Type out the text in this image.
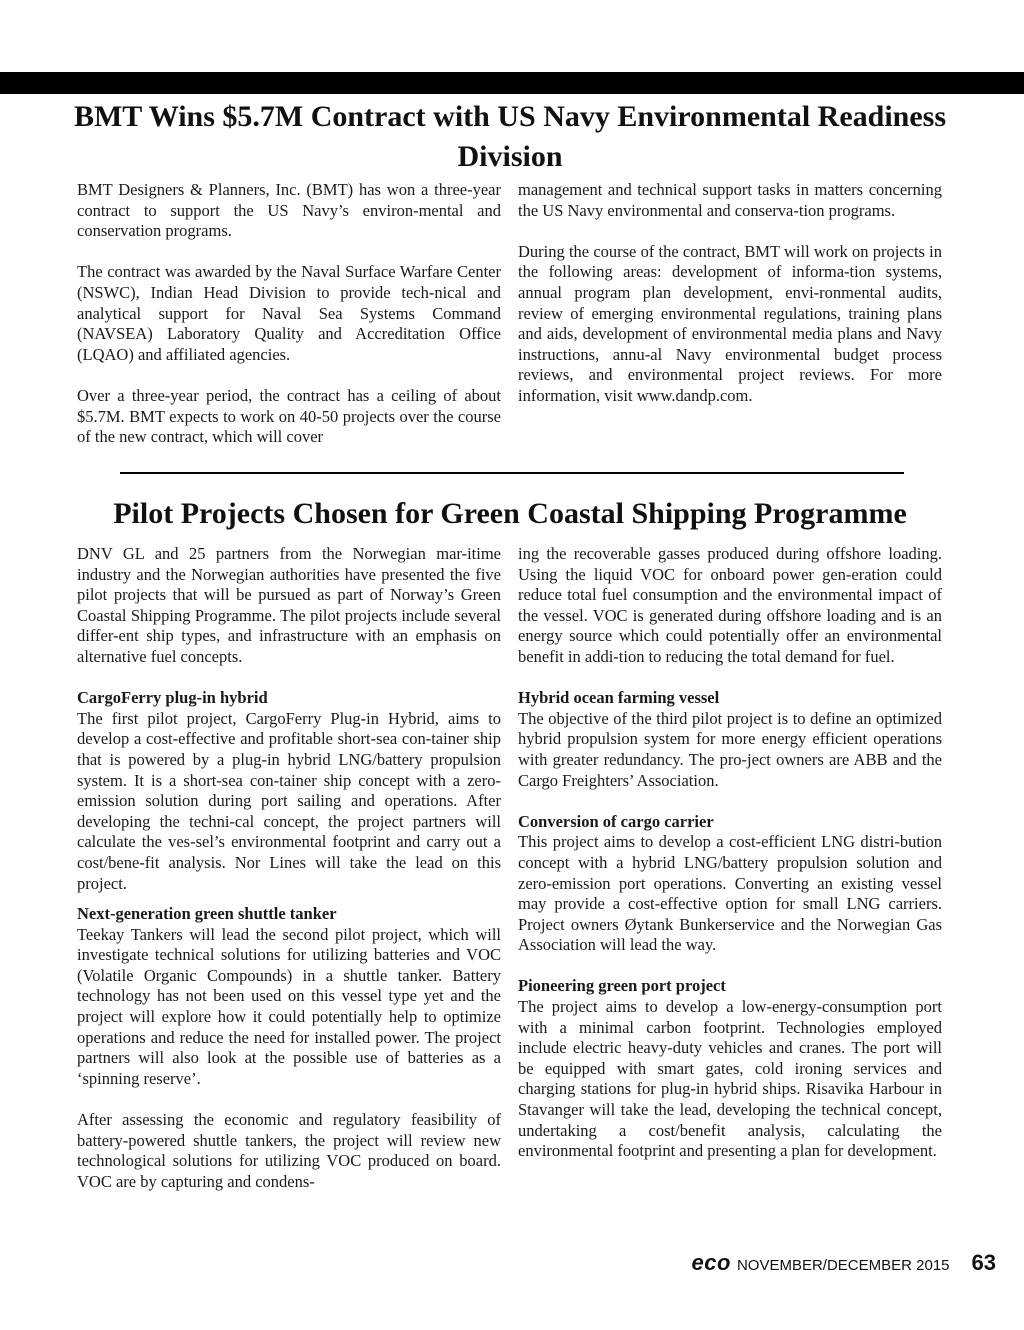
BMT Wins $5.7M Contract with US Navy Environmental Readiness Division

BMT Designers & Planners, Inc. (BMT) has won a three-year contract to support the US Navy’s environ-mental and conservation programs.

The contract was awarded by the Naval Surface Warfare Center (NSWC), Indian Head Division to provide tech-nical and analytical support for Naval Sea Systems Command (NAVSEA) Laboratory Quality and Accreditation Office (LQAO) and affiliated agencies.

Over a three-year period, the contract has a ceiling of about $5.7M. BMT expects to work on 40-50 projects over the course of the new contract, which will cover

management and technical support tasks in matters concerning the US Navy environmental and conserva-tion programs.

During the course of the contract, BMT will work on projects in the following areas: development of informa-tion systems, annual program plan development, envi-ronmental audits, review of emerging environmental regulations, training plans and aids, development of environmental media plans and Navy instructions, annu-al Navy environmental budget process reviews, and environmental project reviews. For more information, visit www.dandp.com.

Pilot Projects Chosen for Green Coastal Shipping Programme

DNV GL and 25 partners from the Norwegian mar-itime industry and the Norwegian authorities have presented the five pilot projects that will be pursued as part of Norway’s Green Coastal Shipping Programme. The pilot projects include several differ-ent ship types, and infrastructure with an emphasis on alternative fuel concepts.

CargoFerry plug-in hybrid

The first pilot project, CargoFerry Plug-in Hybrid, aims to develop a cost-effective and profitable short-sea con-tainer ship that is powered by a plug-in hybrid LNG/battery propulsion system. It is a short-sea con-tainer ship concept with a zero-emission solution during port sailing and operations. After developing the techni-cal concept, the project partners will calculate the ves-sel’s environmental footprint and carry out a cost/bene-fit analysis. Nor Lines will take the lead on this project.

Next-generation green shuttle tanker

Teekay Tankers will lead the second pilot project, which will investigate technical solutions for utilizing batteries and VOC (Volatile Organic Compounds) in a shuttle tanker. Battery technology has not been used on this vessel type yet and the project will explore how it could potentially help to optimize operations and reduce the need for installed power. The project partners will also look at the possible use of batteries as a ‘spinning reserve’.

After assessing the economic and regulatory feasibility of battery-powered shuttle tankers, the project will review new technological solutions for utilizing VOC produced on board. VOC are by capturing and condens-

ing the recoverable gasses produced during offshore loading. Using the liquid VOC for onboard power gen-eration could reduce total fuel consumption and the environmental impact of the vessel. VOC is generated during offshore loading and is an energy source which could potentially offer an environmental benefit in addi-tion to reducing the total demand for fuel.

Hybrid ocean farming vessel

The objective of the third pilot project is to define an optimized hybrid propulsion system for more energy efficient operations with greater redundancy. The pro-ject owners are ABB and the Cargo Freighters’ Association.

Conversion of cargo carrier

This project aims to develop a cost-efficient LNG distri-bution concept with a hybrid LNG/battery propulsion solution and zero-emission port operations. Converting an existing vessel may provide a cost-effective option for small LNG carriers. Project owners Øytank Bunkerservice and the Norwegian Gas Association will lead the way.

Pioneering green port project

The project aims to develop a low-energy-consumption port with a minimal carbon footprint. Technologies employed include electric heavy-duty vehicles and cranes. The port will be equipped with smart gates, cold ironing services and charging stations for plug-in hybrid ships. Risavika Harbour in Stavanger will take the lead, developing the technical concept, undertaking a cost/benefit analysis, calculating the environmental footprint and presenting a plan for development.

eco NOVEMBER/DECEMBER 2015 63
